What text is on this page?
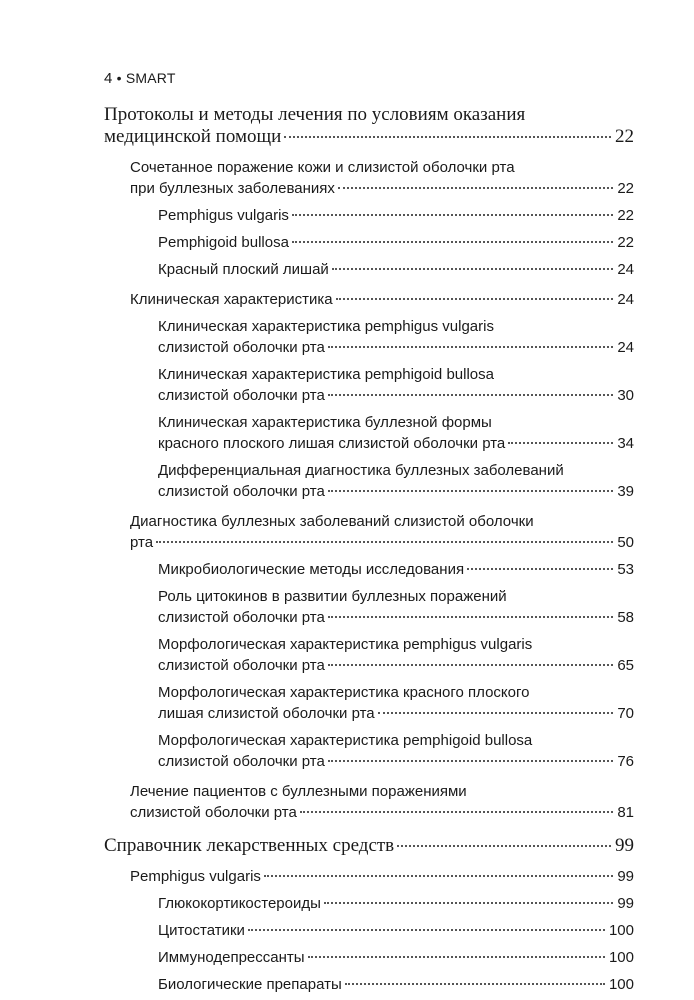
4 • SMART
Протоколы и методы лечения по условиям оказания
медицинской помощи	22
Сочетанное поражение кожи и слизистой оболочки рта
при буллезных заболеваниях	22
Pemphigus vulgaris	22
Pemphigoid bullosa	22
Красный плоский лишай	24
Клиническая характеристика	24
Клиническая характеристика pemphigus vulgaris
слизистой оболочки рта	24
Клиническая характеристика pemphigoid bullosa
слизистой оболочки рта	30
Клиническая характеристика буллезной формы
красного плоского лишая слизистой оболочки рта	34
Дифференциальная диагностика буллезных заболеваний
слизистой оболочки рта	39
Диагностика буллезных заболеваний слизистой оболочки
рта	50
Микробиологические методы исследования	53
Роль цитокинов в развитии буллезных поражений
слизистой оболочки рта	58
Морфологическая характеристика pemphigus vulgaris
слизистой оболочки рта	65
Морфологическая характеристика красного плоского
лишая слизистой оболочки рта	70
Морфологическая характеристика pemphigoid bullosa
слизистой оболочки рта	76
Лечение пациентов с буллезными поражениями
слизистой оболочки рта	81
Справочник лекарственных средств	99
Pemphigus vulgaris	99
Глюкокортикостероиды	99
Цитостатики	100
Иммунодепрессанты	100
Биологические препараты	100
